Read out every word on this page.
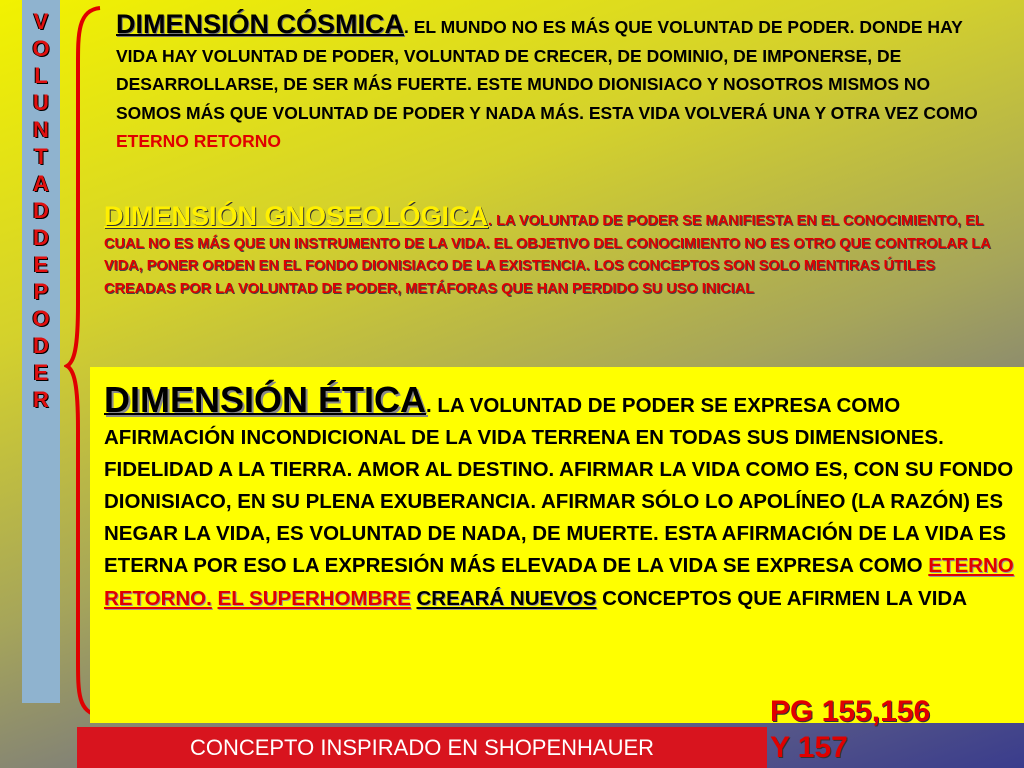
V
O
L
U
N
T
A
D
D
E
P
O
D
E
R
DIMENSIÓN CÓSMICA. EL MUNDO NO ES MÁS QUE VOLUNTAD DE PODER. DONDE HAY VIDA HAY VOLUNTAD DE PODER, VOLUNTAD DE CRECER, DE DOMINIO, DE IMPONERSE, DE DESARROLLARSE, DE SER MÁS FUERTE. ESTE MUNDO DIONISIACO Y NOSOTROS MISMOS NO SOMOS MÁS QUE VOLUNTAD DE PODER Y NADA MÁS. ESTA VIDA VOLVERÁ UNA Y OTRA VEZ COMO ETERNO RETORNO
DIMENSIÓN GNOSEOLÓGICA. LA VOLUNTAD DE PODER SE MANIFIESTA EN EL CONOCIMIENTO, EL CUAL NO ES MÁS QUE UN INSTRUMENTO DE LA VIDA. EL OBJETIVO DEL CONOCIMIENTO NO ES OTRO QUE CONTROLAR LA VIDA, PONER ORDEN EN EL FONDO DIONISIACO DE LA EXISTENCIA. LOS CONCEPTOS SON SOLO MENTIRAS ÚTILES CREADAS POR LA VOLUNTAD DE PODER, METÁFORAS QUE HAN PERDIDO SU USO INICIAL
DIMENSIÓN ÉTICA. LA VOLUNTAD DE PODER SE EXPRESA COMO AFIRMACIÓN INCONDICIONAL DE LA VIDA TERRENA EN TODAS SUS DIMENSIONES. FIDELIDAD A LA TIERRA. AMOR AL DESTINO. AFIRMAR LA VIDA COMO ES, CON SU FONDO DIONISIACO, EN SU PLENA EXUBERANCIA. AFIRMAR SÓLO LO APOLÍNEO (LA RAZÓN) ES NEGAR LA VIDA, ES VOLUNTAD DE NADA, DE MUERTE. ESTA AFIRMACIÓN DE LA VIDA ES ETERNA POR ESO LA EXPRESIÓN MÁS ELEVADA DE LA VIDA SE EXPRESA COMO ETERNO RETORNO. EL SUPERHOMBRE CREARÁ NUEVOS CONCEPTOS QUE AFIRMEN LA VIDA
CONCEPTO INSPIRADO EN SHOPENHAUER
PG 155,156
Y 157
